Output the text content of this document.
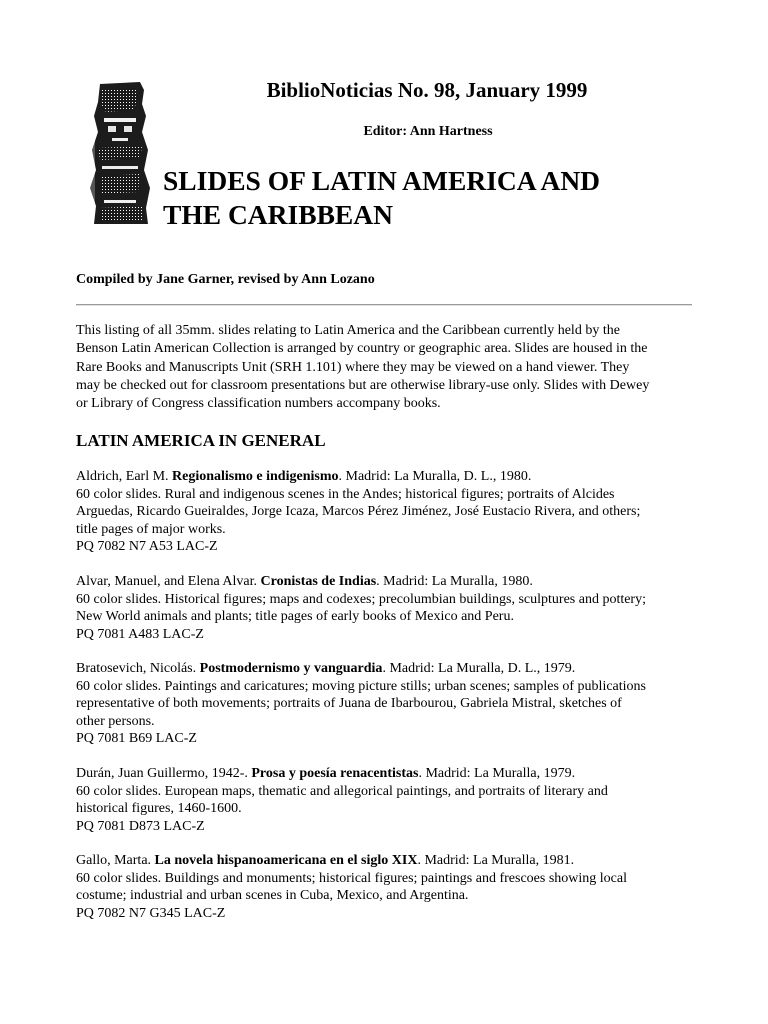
BiblioNoticias No. 98, January 1999
Editor: Ann Hartness
SLIDES OF LATIN AMERICA AND
THE CARIBBEAN
Compiled by Jane Garner, revised by Ann Lozano

This listing of all 35mm. slides relating to Latin America and the Caribbean currently held by the
Benson Latin American Collection is arranged by country or geographic area. Slides are housed in the
Rare Books and Manuscripts Unit (SRH 1.101) where they may be viewed on a hand viewer. They
may be checked out for classroom presentations but are otherwise library-use only. Slides with Dewey
or Library of Congress classification numbers accompany books.

LATIN AMERICA IN GENERAL
Aldrich, Earl M. Regionalismo e indigenismo. Madrid: La Muralla, D. L., 1980.
60 color slides. Rural and indigenous scenes in the Andes; historical figures; portraits of Alcides
Arguedas, Ricardo Gueiraldes, Jorge Icaza, Marcos Pérez Jiménez, José Eustacio Rivera, and others;
title pages of major works.
PQ 7082 N7 A53 LAC-Z
Alvar, Manuel, and Elena Alvar. Cronistas de Indias. Madrid: La Muralla, 1980.
60 color slides. Historical figures; maps and codexes; precolumbian buildings, sculptures and pottery;
New World animals and plants; title pages of early books of Mexico and Peru.
PQ 7081 A483 LAC-Z
Bratosevich, Nicolás. Postmodernismo y vanguardia. Madrid: La Muralla, D. L., 1979.
60 color slides. Paintings and caricatures; moving picture stills; urban scenes; samples of publications
representative of both movements; portraits of Juana de Ibarbourou, Gabriela Mistral, sketches of
other persons.
PQ 7081 B69 LAC-Z
Durán, Juan Guillermo, 1942-. Prosa y poesía renacentistas. Madrid: La Muralla, 1979.
60 color slides. European maps, thematic and allegorical paintings, and portraits of literary and
historical figures, 1460-1600.
PQ 7081 D873 LAC-Z
Gallo, Marta. La novela hispanoamericana en el siglo XIX. Madrid: La Muralla, 1981.
60 color slides. Buildings and monuments; historical figures; paintings and frescoes showing local
costume; industrial and urban scenes in Cuba, Mexico, and Argentina.
PQ 7082 N7 G345 LAC-Z
